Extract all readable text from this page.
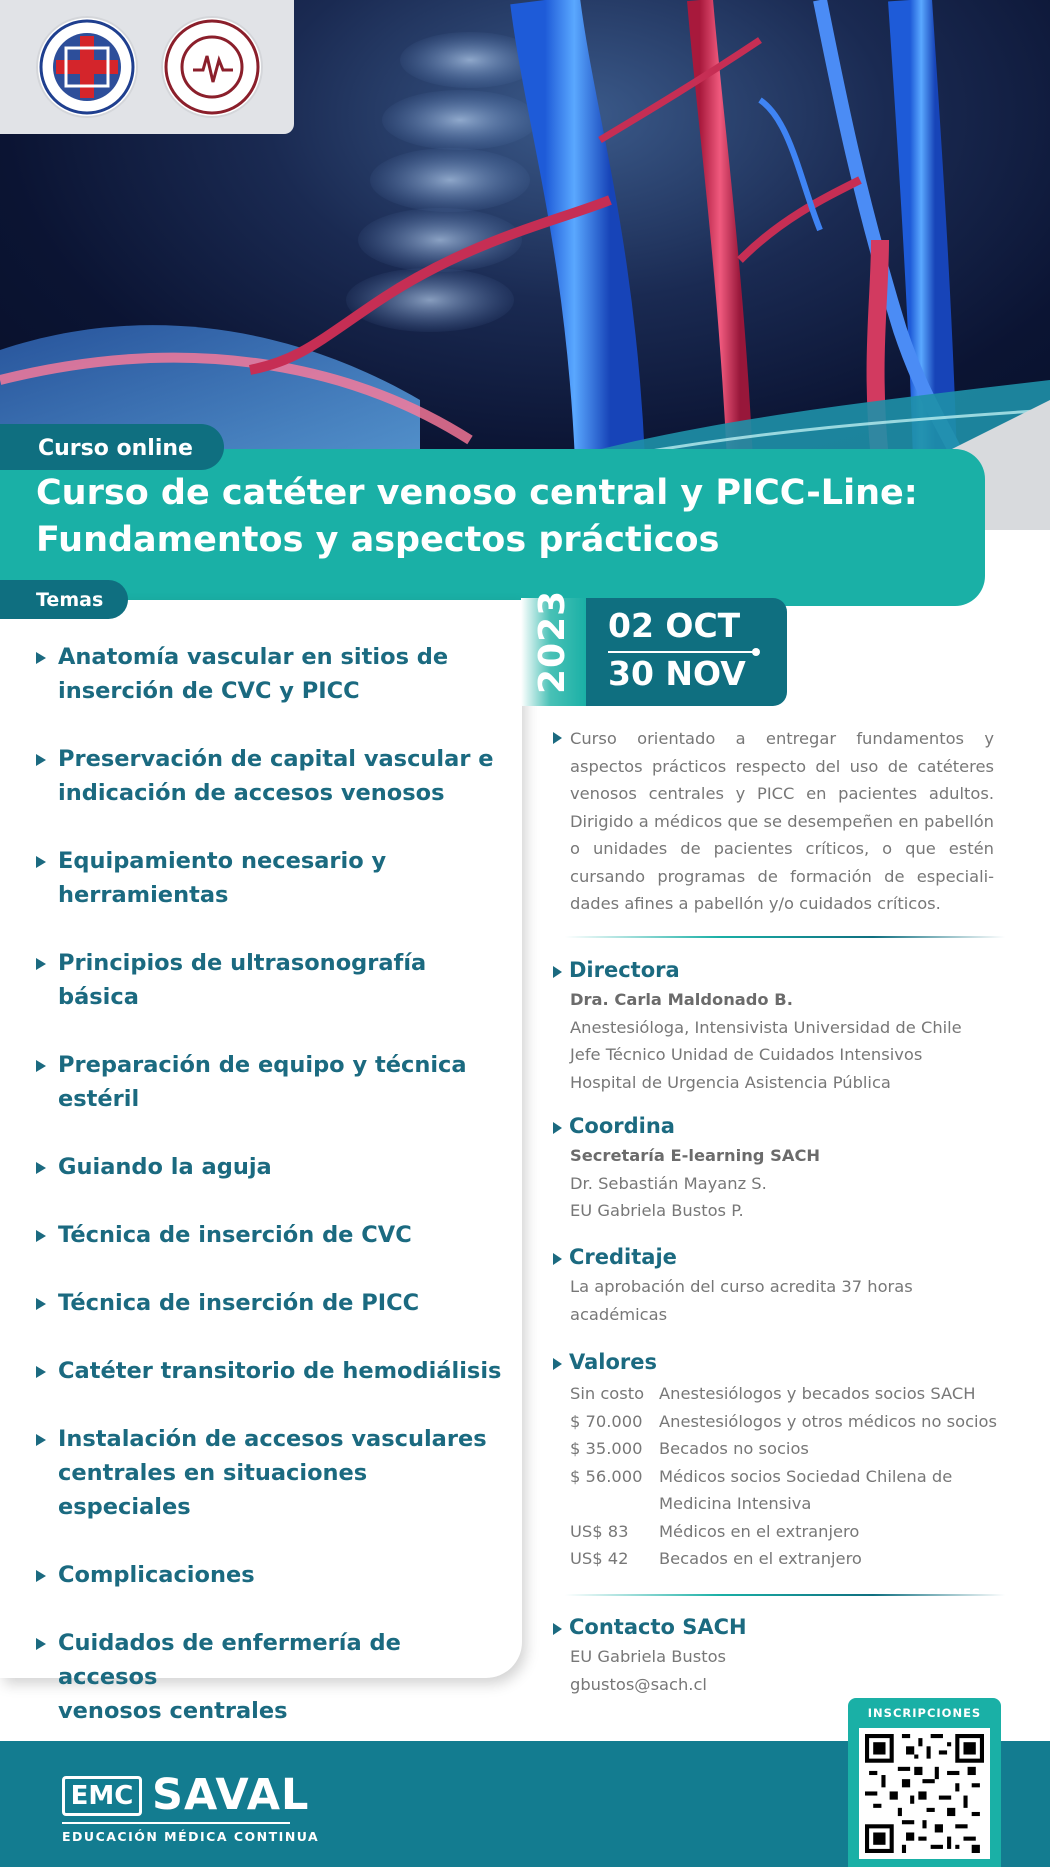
Curso online
Curso de catéter venoso central y PICC-Line:
Fundamentos y aspectos prácticos
Temas
Anatomía vascular en sitios de
inserción de CVC y PICC
Preservación de capital vascular e
indicación de accesos venosos
Equipamiento necesario y
herramientas
Principios de ultrasonografía básica
Preparación de equipo y técnica
estéril
Guiando la aguja
Técnica de inserción de CVC
Técnica de inserción de PICC
Catéter transitorio de hemodiálisis
Instalación de accesos vasculares
centrales en situaciones especiales
Complicaciones
Cuidados de enfermería de accesos
venosos centrales
2023 02 OCT
30 NOV
Curso orientado a entregar fundamentos y aspectos prácticos respecto del uso de catéteres venosos centrales y PICC en pacientes adultos. Dirigido a médicos que se desempeñen en pabellón o unidades de pacientes críticos, o que estén cursando programas de formación de especialidades afines a pabellón y/o cuidados críticos.
Directora
Dra. Carla Maldonado B.
Anestesióloga, Intensivista Universidad de Chile
Jefe Técnico Unidad de Cuidados Intensivos
Hospital de Urgencia Asistencia Pública
Coordina
Secretaría E-learning SACH
Dr. Sebastián Mayanz S.
EU Gabriela Bustos P.
Creditaje
La aprobación del curso acredita 37 horas
académicas
Valores
Sin costo	Anestesiólogos y becados socios SACH
$ 70.000	Anestesiólogos y otros médicos no socios
$ 35.000	Becados no socios
$ 56.000	Médicos socios Sociedad Chilena de Medicina Intensiva
US$ 83	Médicos en el extranjero
US$ 42	Becados en el extranjero
Contacto SACH
EU Gabriela Bustos
gbustos@sach.cl
EMC SAVAL
EDUCACIÓN MÉDICA CONTINUA
INSCRIPCIONES
